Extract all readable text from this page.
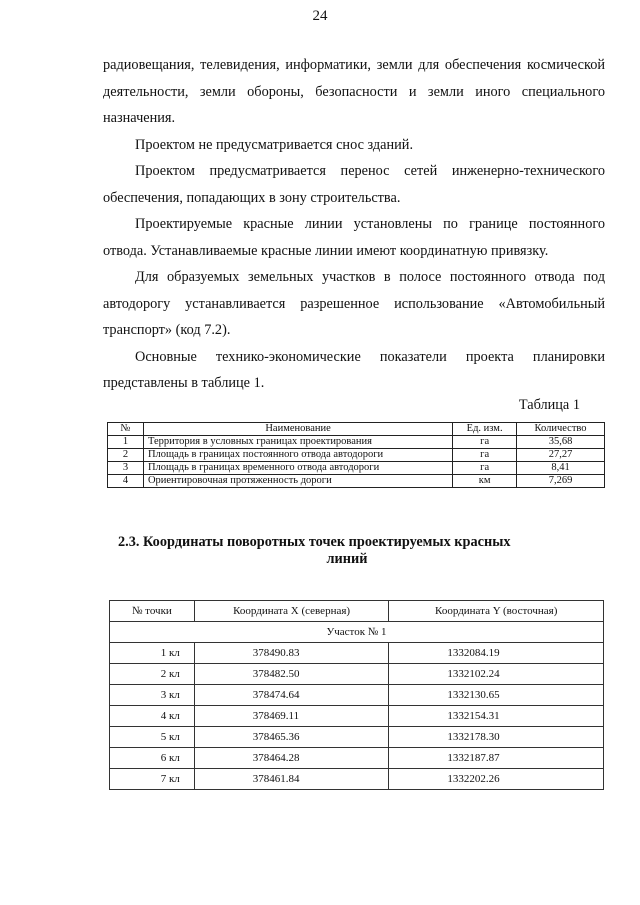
24

радиовещания, телевидения, информатики, земли для обеспечения космической деятельности, земли обороны, безопасности и земли иного специального назначения.

Проектом не предусматривается снос зданий.

Проектом предусматривается перенос сетей инженерно-технического обеспечения, попадающих в зону строительства.

Проектируемые красные линии установлены по границе постоянного отвода. Устанавливаемые красные линии имеют координатную привязку.

Для образуемых земельных участков в полосе постоянного отвода под автодорогу устанавливается разрешенное использование «Автомобильный транспорт» (код 7.2).

Основные технико-экономические показатели проекта планировки представлены в таблице 1.

Таблица 1
№	Наименование	Ед. изм.	Количество
1	Территория в условных границах проектирования	га	35,68
2	Площадь в границах постоянного отвода автодороги	га	27,27
3	Площадь в границах временного отвода автодороги	га	8,41
4	Ориентировочная протяженность дороги	км	7,269
2.3. Координаты поворотных точек проектируемых красных
линий
№ точки	Координата X (северная)	Координата Y (восточная)
Участок № 1		
1 кл	378490.83	1332084.19
2 кл	378482.50	1332102.24
3 кл	378474.64	1332130.65
4 кл	378469.11	1332154.31
5 кл	378465.36	1332178.30
6 кл	378464.28	1332187.87
7 кл	378461.84	1332202.26
